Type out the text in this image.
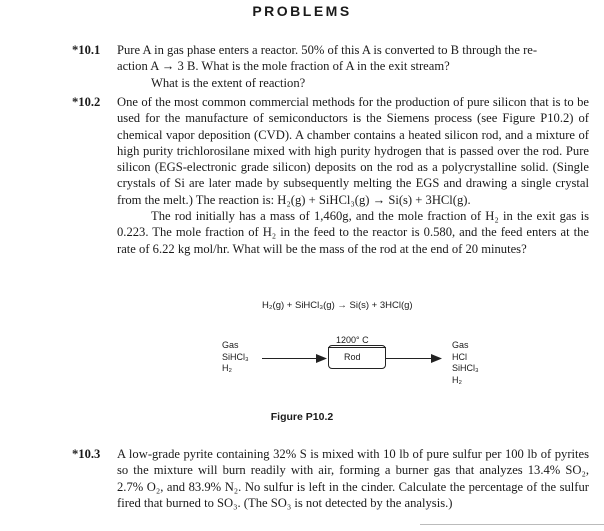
PROBLEMS
*10.1 Pure A in gas phase enters a reactor. 50% of this A is converted to B through the re-

action A → 3 B. What is the mole fraction of A in the exit stream?

What is the extent of reaction?

*10.2 One of the most common commercial methods for the production of pure silicon that is to be used for the manufacture of semiconductors is the Siemens process (see Figure P10.2) of chemical vapor deposition (CVD). A chamber contains a heated silicon rod, and a mixture of high purity trichlorosilane mixed with high purity hydrogen that is passed over the rod. Pure silicon (EGS-electronic grade silicon) deposits on the rod as a polycrystalline solid. (Single crystals of Si are later made by subsequently melting the EGS and drawing a single crystal from the melt.) The reaction is: H₂(g) + SiHCl₃(g) → Si(s) + 3HCl(g).

The rod initially has a mass of 1,460g, and the mole fraction of H₂ in the exit gas is 0.223. The mole fraction of H₂ in the feed to the reactor is 0.580, and the feed enters at the rate of 6.22 kg mol/hr. What will be the mass of the rod at the end of 20 minutes?

H₂(g) + SiHCl₃(g) → Si(s) + 3HCl(g)
1200° C
Rod
Gas
SiHCl₃
H₂
Gas
HCl
SiHCl₃
H₂
Figure P10.2
*10.3 A low-grade pyrite containing 32% S is mixed with 10 lb of pure sulfur per 100 lb of pyrites so the mixture will burn readily with air, forming a burner gas that analyzes 13.4% SO₂, 2.7% O₂, and 83.9% N₂. No sulfur is left in the cinder. Calculate the percentage of the sulfur fired that burned to SO₃. (The SO₃ is not detected by the analysis.)
